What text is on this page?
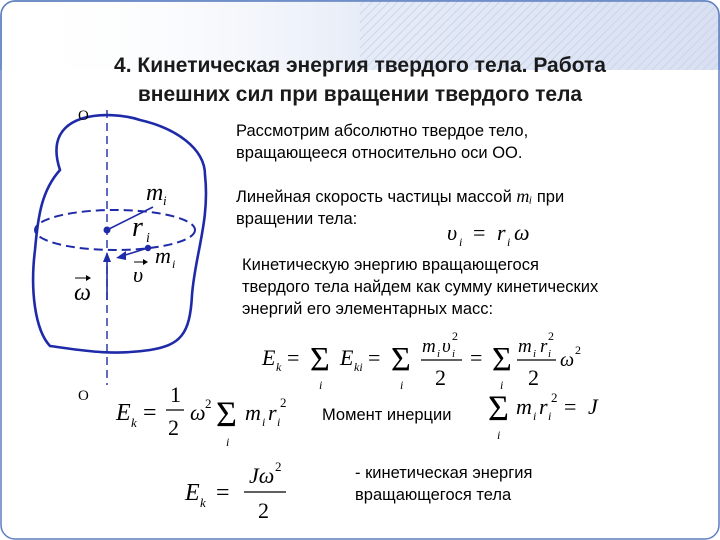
4. Кинетическая энергия твердого тела. Работа
внешних сил при вращении твердого тела
O
O
m i
r i
m i
υ
ω
Рассмотрим абсолютно твердое тело,
вращающееся относительно оси ОО.
Линейная скорость частицы массой mᵢ при
вращении тела:
Кинетическую энергию вращающегося
твердого тела найдем как сумму кинетических
энергий его элементарных масс:
Момент инерции
- кинетическая энергия
вращающегося тела
υ i = r i ω
E k = Σ
i
E ki = Σ
i
m i υ i
2
2
= Σ
i
m i r i
2
2
ω 2
E k =
1
2
ω 2 Σ
i
m i r i
2	Σ
i
m i r i
2 = J
E k =
Jω 2
2
